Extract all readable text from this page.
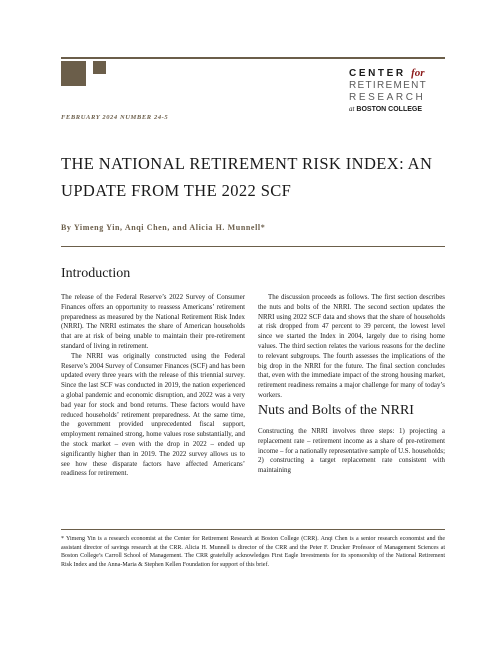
CENTER for
RETIREMENT
RESEARCH
at BOSTON COLLEGE
FEBRUARY 2024 NUMBER 24-5
THE NATIONAL RETIREMENT RISK INDEX: AN UPDATE FROM THE 2022 SCF
By Yimeng Yin, Anqi Chen, and Alicia H. Munnell*
Introduction

The release of the Federal Reserve’s 2022 Survey of Consumer Finances offers an opportunity to reassess Americans’ retirement preparedness as measured by the National Retirement Risk Index (NRRI). The NRRI estimates the share of American households that are at risk of being unable to maintain their pre-retirement standard of living in retirement.

The NRRI was originally constructed using the Federal Reserve’s 2004 Survey of Consumer Finances (SCF) and has been updated every three years with the release of this triennial survey. Since the last SCF was conducted in 2019, the nation experienced a global pandemic and economic disruption, and 2022 was a very bad year for stock and bond returns. These factors would have reduced households’ retirement preparedness. At the same time, the government provided unprecedented fiscal support, employment remained strong, home values rose substantially, and the stock market – even with the drop in 2022 – ended up significantly higher than in 2019. The 2022 survey allows us to see how these disparate factors have affected Americans’ readiness for retirement.

The discussion proceeds as follows. The first section describes the nuts and bolts of the NRRI. The second section updates the NRRI using 2022 SCF data and shows that the share of households at risk dropped from 47 percent to 39 percent, the lowest level since we started the Index in 2004, largely due to rising home values. The third section relates the various reasons for the decline to relevant subgroups. The fourth assesses the implications of the big drop in the NRRI for the future. The final section concludes that, even with the immediate impact of the strong housing market, retirement readiness remains a major challenge for many of today’s workers.

Nuts and Bolts of the NRRI

Constructing the NRRI involves three steps: 1) projecting a replacement rate – retirement income as a share of pre-retirement income – for a nationally representative sample of U.S. households; 2) constructing a target replacement rate consistent with maintaining

* Yimeng Yin is a research economist at the Center for Retirement Research at Boston College (CRR). Anqi Chen is a senior research economist and the assistant director of savings research at the CRR. Alicia H. Munnell is director of the CRR and the Peter F. Drucker Professor of Management Sciences at Boston College’s Carroll School of Management. The CRR gratefully acknowledges First Eagle Investments for its sponsorship of the National Retirement Risk Index and the Anna-Maria & Stephen Kellen Foundation for support of this brief.
